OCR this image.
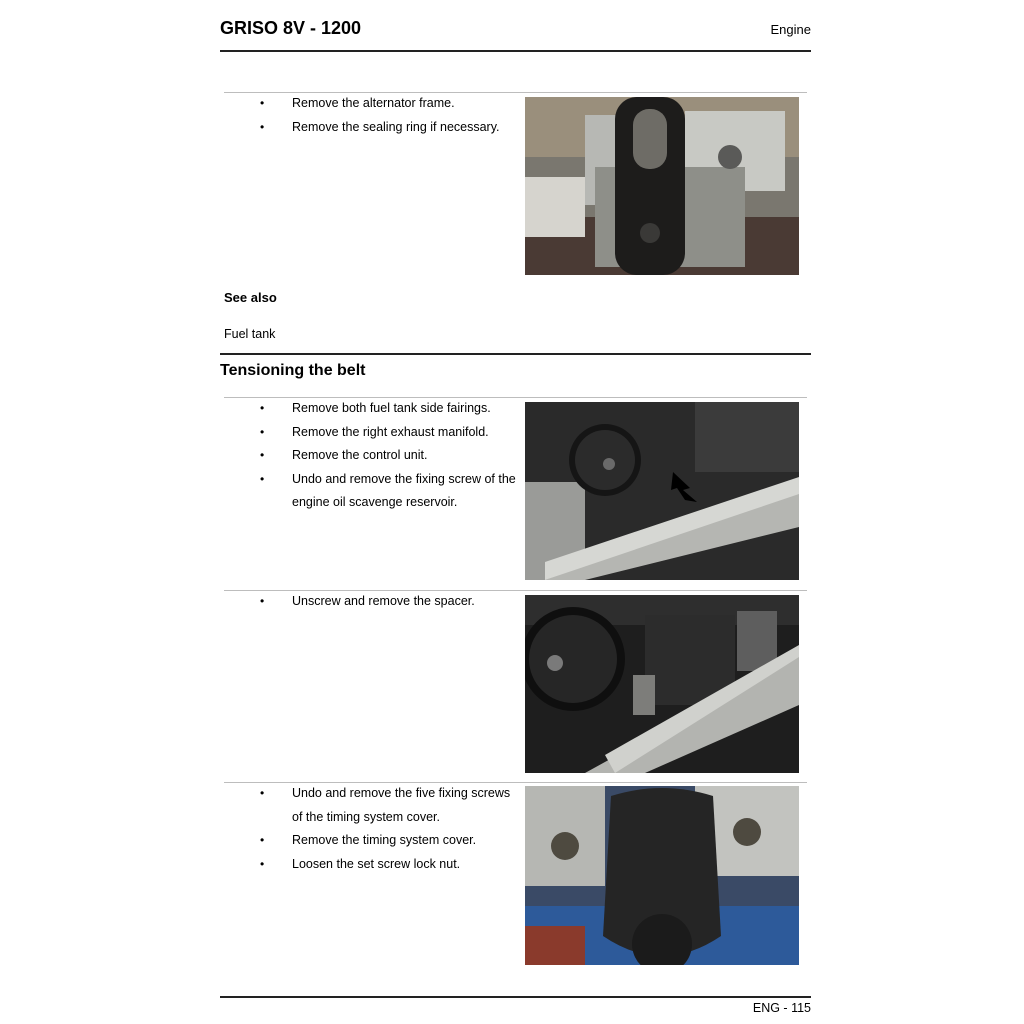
GRISO 8V - 1200	Engine
• Remove the alternator frame.
• Remove the sealing ring if necessary.
See also
Fuel tank
Tensioning the belt
• Remove both fuel tank side fairings.
• Remove the right exhaust manifold.
• Remove the control unit.
• Undo and remove the fixing screw of the engine oil scavenge reservoir.
• Unscrew and remove the spacer.
• Undo and remove the five fixing screws of the timing system cover.
• Remove the timing system cover.
• Loosen the set screw lock nut.
ENG - 115
